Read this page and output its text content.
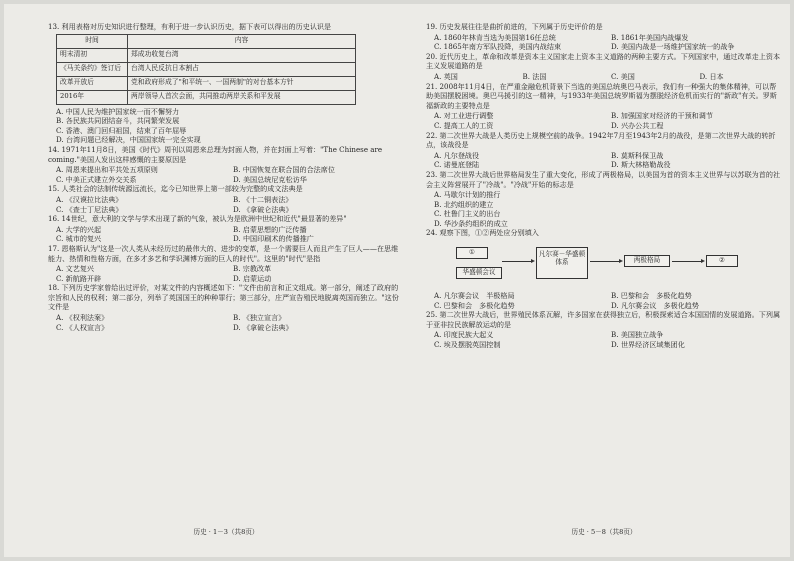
13. 利用表格对历史知识进行整理，有利于进一步认识历史，据下表可以得出的历史认识是

时间	内容
明末清初	郑成功收复台湾
《马关条约》签订后	台湾人民反抗日本割占
改革开放后	党和政府形成了"和平统一、一国两制"的对台基本方针
2016年	两岸领导人首次会面，共同推动两岸关系和平发展
A. 中国人民为维护国家统一而不懈努力
B. 各民族共同团结奋斗，共同繁荣发展
C. 香港、澳门回归祖国，结束了百年屈辱
D. 台湾问题已经解决，中国国家统一完全实现

14. 1971年11月8日，美国《时代》周刊以周恩来总理为封面人物，并在封面上写着："The Chinese are coming."美国人发出这样感慨的主要原因是

A. 周恩来提出和平共处五项原则	B. 中国恢复在联合国的合法席位
C. 中美正式建立外交关系	D. 美国总统尼克松访华

15. 人类社会的法制传统源远流长，迄今已知世界上第一部较为完整的成文法典是

A. 《汉谟拉比法典》	B. 《十二铜表法》
C. 《查士丁尼法典》	D. 《拿破仑法典》

16. 14世纪，意大利的文学与学术出现了新的气象，被认为是欧洲中世纪和近代"最显著的差异"

A. 大学的兴起	B. 启蒙思想的广泛传播
C. 城市的复兴	D. 中国印刷术的传播推广

17. 恩格斯认为"这是一次人类从未经历过的最伟大的、进步的变革，是一个需要巨人而且产生了巨人——在思维能力、热情和性格方面，在多才多艺和学识渊博方面的巨人的时代"。这里的"时代"是指

A. 文艺复兴	B. 宗教改革
C. 新航路开辟	D. 启蒙运动

18. 下列历史学家曾给出过评价，对某文件的内容概述如下："文件由前言和正文组成。第一部分，阐述了政府的宗旨和人民的权利；第二部分，列举了英国国王的种种罪行；第三部分，庄严宣告殖民地脱离英国而独立。"这份文件是

A. 《权利法案》	B. 《独立宣言》
C. 《人权宣言》	D. 《拿破仑法典》
历史 · 1－3（共8页）

19. 历史发展往往是曲折前进的，下列属于历史评价的是

A. 1860年林肯当选为美国第16任总统	B. 1861年美国内战爆发
C. 1865年南方军队投降，美国内战结束	D. 美国内战是一场维护国家统一的战争

20. 近代历史上，革命和改革是资本主义国家走上资本主义道路的两种主要方式。下列国家中，通过改革走上资本主义发展道路的是

A. 英国	B. 法国	C. 美国	D. 日本

21. 2008年11月4日，在严重金融危机背景下当选的美国总统奥巴马表示，我们有一种强大的集体精神，可以帮助美国摆脱困境。奥巴马援引的这一精神，与1933年美国总统罗斯福为摆脱经济危机而实行的"新政"有关。罗斯福新政的主要特点是

A. 对工业进行调整	B. 加强国家对经济的干预和调节
C. 提高工人的工资	D. 兴办公共工程

22. 第二次世界大战是人类历史上规模空前的战争。1942年7月至1943年2月的战役，是第二次世界大战的转折点，该战役是

A. 凡尔登战役	B. 莫斯科保卫战
C. 诺曼底登陆	D. 斯大林格勒战役

23. 第二次世界大战后世界格局发生了重大变化，形成了两极格局，以美国为首的资本主义世界与以苏联为首的社会主义阵营展开了"冷战"。"冷战"开始的标志是

A. 马歇尔计划的推行
B. 北约组织的建立
C. 杜鲁门主义的出台
D. 华沙条约组织的成立

24. 观察下图，①②两处应分别填入

①
华盛顿会议
凡尔赛－华盛顿体系	两极格局	②
A. 凡尔赛会议　半极格局	B. 巴黎和会　多极化趋势
C. 巴黎和会　多极化趋势	D. 凡尔赛会议　多极化趋势

25. 第二次世界大战后，世界殖民体系瓦解，许多国家在获得独立后，积极探索适合本国国情的发展道路。下列属于亚非拉民族解放运动的是

A. 印度民族大起义	B. 美国独立战争
C. 埃及摆脱英国控制	D. 世界经济区域集团化
历史 · 5－8（共8页）
